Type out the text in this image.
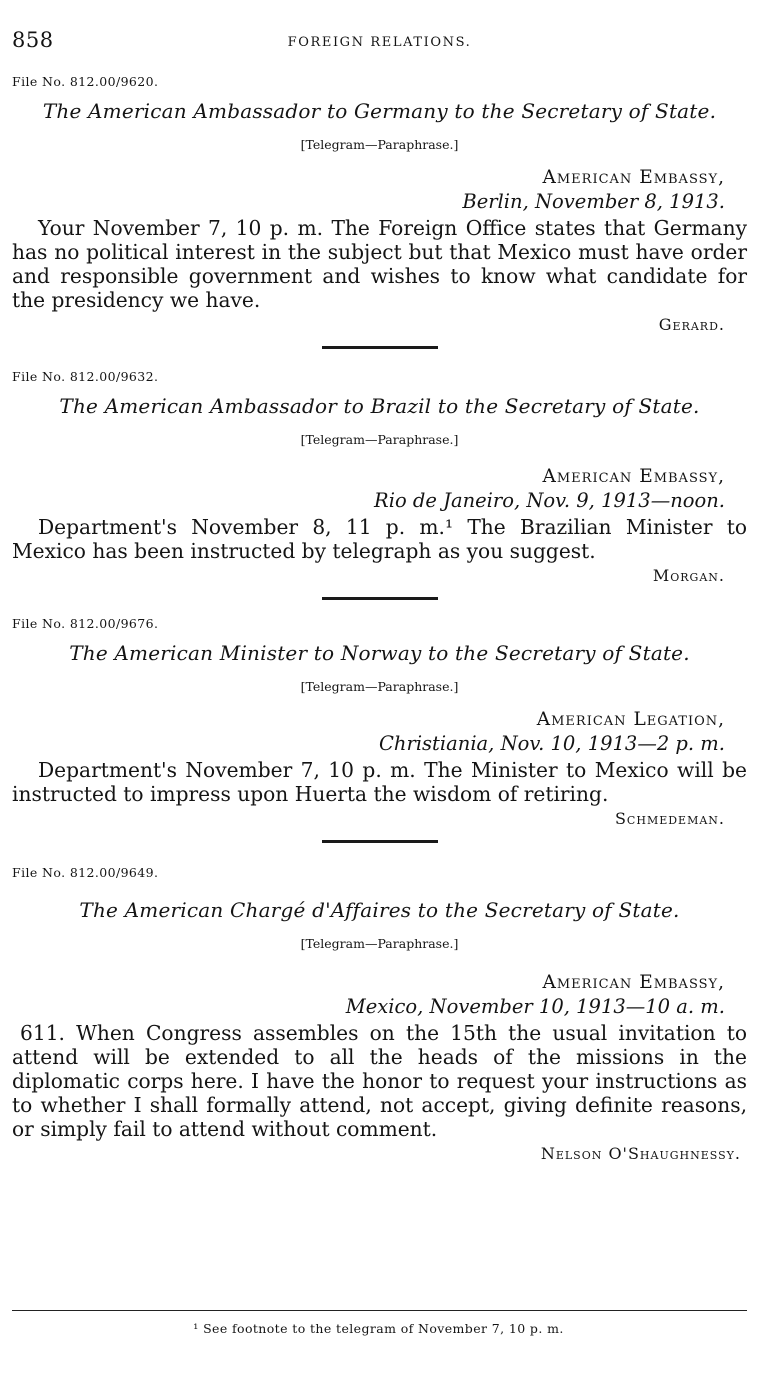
858	FOREIGN RELATIONS.

File No. 812.00/9620.

The American Ambassador to Germany to the Secretary of State.
[Telegram—Paraphrase.]
American Embassy,
Berlin, November 8, 1913.

Your November 7, 10 p. m. The Foreign Office states that Germany has no political interest in the subject but that Mexico must have order and responsible government and wishes to know what candidate for the presidency we have.

Gerard.

File No. 812.00/9632.

The American Ambassador to Brazil to the Secretary of State.
[Telegram—Paraphrase.]
American Embassy,
Rio de Janeiro, Nov. 9, 1913—noon.

Department's November 8, 11 p. m.¹ The Brazilian Minister to Mexico has been instructed by telegraph as you suggest.

Morgan.

File No. 812.00/9676.

The American Minister to Norway to the Secretary of State.
[Telegram—Paraphrase.]
American Legation,
Christiania, Nov. 10, 1913—2 p. m.

Department's November 7, 10 p. m. The Minister to Mexico will be instructed to impress upon Huerta the wisdom of retiring.

Schmedeman.

File No. 812.00/9649.

The American Chargé d'Affaires to the Secretary of State.
[Telegram—Paraphrase.]
American Embassy,
Mexico, November 10, 1913—10 a. m.

611. When Congress assembles on the 15th the usual invitation to attend will be extended to all the heads of the missions in the diplomatic corps here. I have the honor to request your instructions as to whether I shall formally attend, not accept, giving definite reasons, or simply fail to attend without comment.

Nelson O'Shaughnessy.
¹ See footnote to the telegram of November 7, 10 p. m.
